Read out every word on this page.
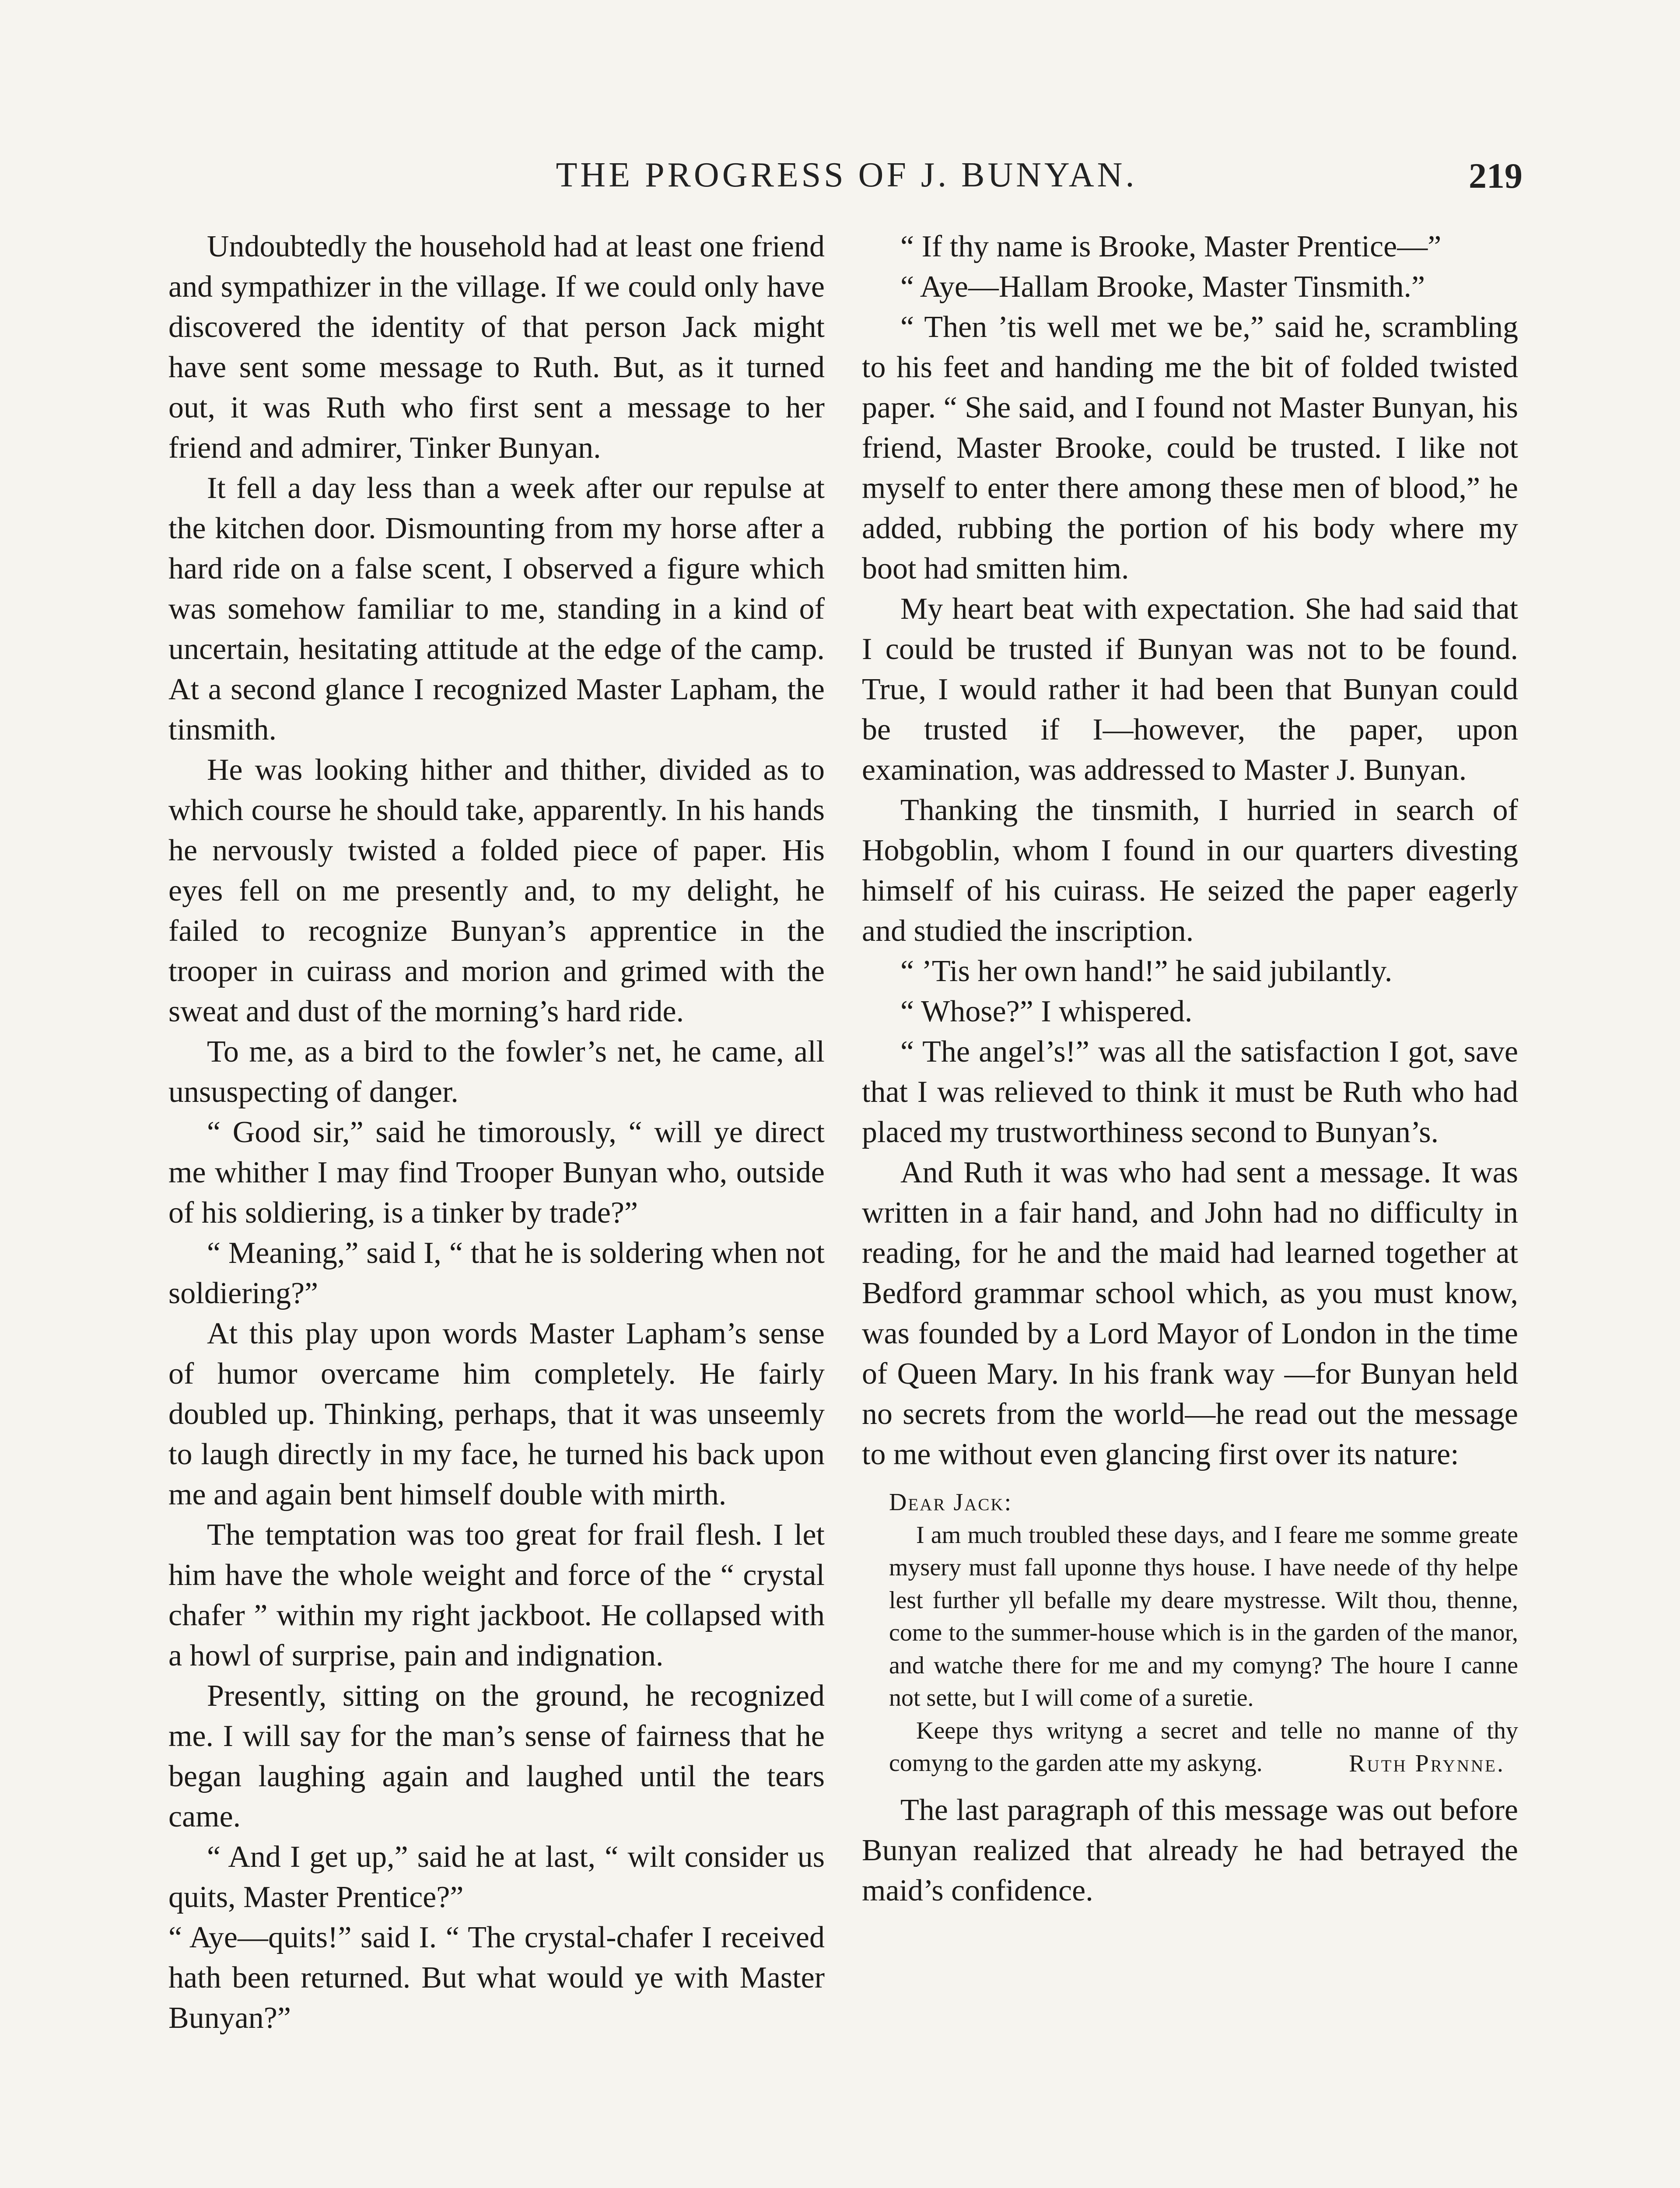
THE PROGRESS OF J. BUNYAN.	219

Undoubtedly the household had at least one friend and sympathizer in the village. If we could only have discovered the identity of that person Jack might have sent some message to Ruth. But, as it turned out, it was Ruth who first sent a message to her friend and admirer, Tinker Bunyan.

It fell a day less than a week after our repulse at the kitchen door. Dismounting from my horse after a hard ride on a false scent, I observed a figure which was somehow familiar to me, standing in a kind of uncertain, hesitating attitude at the edge of the camp. At a second glance I recognized Master Lapham, the tinsmith.

He was looking hither and thither, divided as to which course he should take, apparently. In his hands he nervously twisted a folded piece of paper. His eyes fell on me presently and, to my delight, he failed to recognize Bunyan’s apprentice in the trooper in cuirass and morion and grimed with the sweat and dust of the morning’s hard ride.

To me, as a bird to the fowler’s net, he came, all unsuspecting of danger.

“ Good sir,” said he timorously, “ will ye direct me whither I may find Trooper Bunyan who, outside of his soldiering, is a tinker by trade?”

“ Meaning,” said I, “ that he is soldering when not soldiering?”

At this play upon words Master Lapham’s sense of humor overcame him completely. He fairly doubled up. Thinking, perhaps, that it was unseemly to laugh directly in my face, he turned his back upon me and again bent himself double with mirth.

The temptation was too great for frail flesh. I let him have the whole weight and force of the “ crystal chafer ” within my right jackboot. He collapsed with a howl of surprise, pain and indignation.

Presently, sitting on the ground, he recognized me. I will say for the man’s sense of fairness that he began laughing again and laughed until the tears came.

“ And I get up,” said he at last, “ wilt consider us quits, Master Prentice?”

“ Aye—quits!” said I. “ The crystal-chafer I received hath been returned. But what would ye with Master Bunyan?”

“ If thy name is Brooke, Master Prentice—”

“ Aye—Hallam Brooke, Master Tinsmith.”

“ Then ’tis well met we be,” said he, scrambling to his feet and handing me the bit of folded twisted paper. “ She said, and I found not Master Bunyan, his friend, Master Brooke, could be trusted. I like not myself to enter there among these men of blood,” he added, rubbing the portion of his body where my boot had smitten him.

My heart beat with expectation. She had said that I could be trusted if Bunyan was not to be found. True, I would rather it had been that Bunyan could be trusted if I—however, the paper, upon examination, was addressed to Master J. Bunyan.

Thanking the tinsmith, I hurried in search of Hobgoblin, whom I found in our quarters divesting himself of his cuirass. He seized the paper eagerly and studied the inscription.

“ ’Tis her own hand!” he said jubilantly.

“ Whose?” I whispered.

“ The angel’s!” was all the satisfaction I got, save that I was relieved to think it must be Ruth who had placed my trustworthiness second to Bunyan’s.

And Ruth it was who had sent a message. It was written in a fair hand, and John had no difficulty in reading, for he and the maid had learned together at Bedford grammar school which, as you must know, was founded by a Lord Mayor of London in the time of Queen Mary. In his frank way —for Bunyan held no secrets from the world—he read out the message to me without even glancing first over its nature:

Dear Jack:

I am much troubled these days, and I feare me somme greate mysery must fall uponne thys house. I have neede of thy helpe lest further yll befalle my deare mystresse. Wilt thou, thenne, come to the summer-house which is in the garden of the manor, and watche there for me and my comyng? The houre I canne not sette, but I will come of a suretie.

Keepe thys writyng a secret and telle no manne of thy comyng to the garden atte my askyng.	Ruth Prynne.

The last paragraph of this message was out before Bunyan realized that already he had betrayed the maid’s confidence.
